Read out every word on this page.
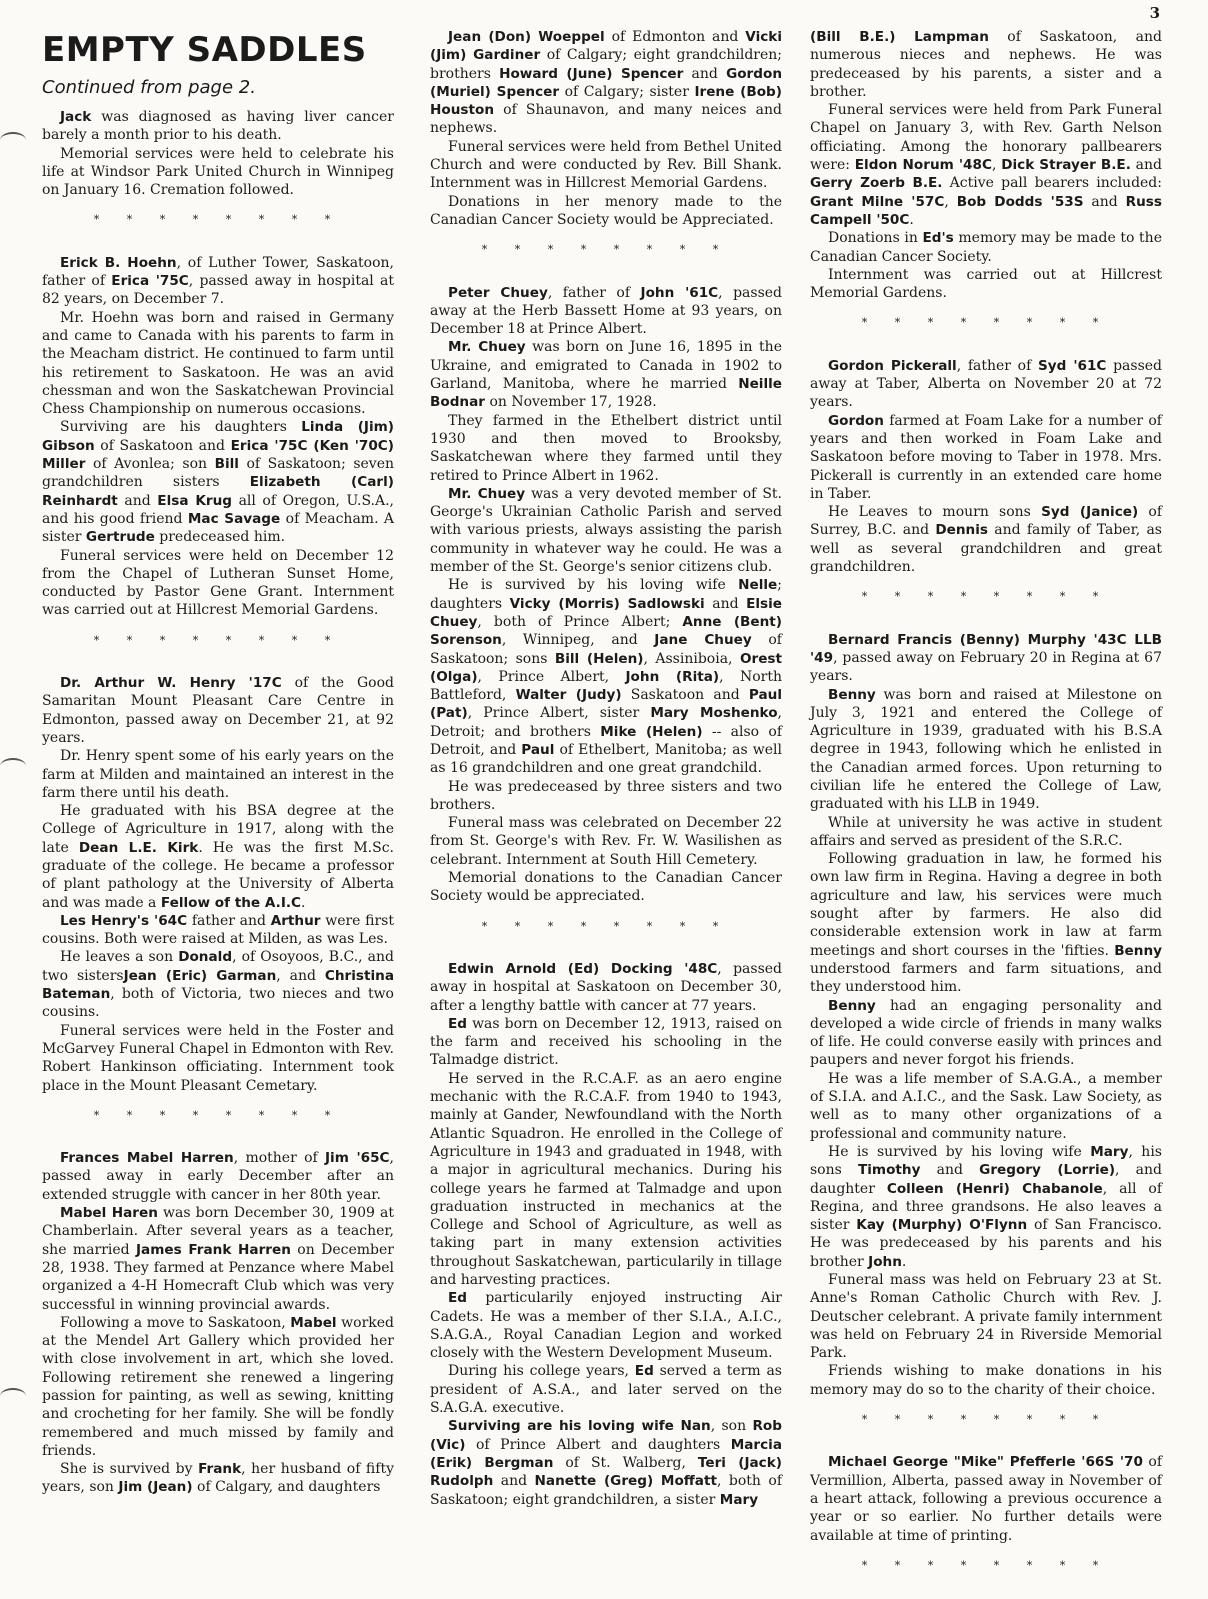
3
EMPTY SADDLES
Continued from page 2.

Jack was diagnosed as having liver cancer barely a month prior to his death.

Memorial services were held to celebrate his life at Windsor Park United Church in Winnipeg on January 16. Cremation followed.

* * * * * * * *

Erick B. Hoehn, of Luther Tower, Saskatoon, father of Erica '75C, passed away in hospital at 82 years, on December 7.

Mr. Hoehn was born and raised in Germany and came to Canada with his parents to farm in the Meacham district. He continued to farm until his retirement to Saskatoon. He was an avid chessman and won the Saskatchewan Provincial Chess Championship on numerous occasions.

Surviving are his daughters Linda (Jim) Gibson of Saskatoon and Erica '75C (Ken '70C) Miller of Avonlea; son Bill of Saskatoon; seven grandchildren sisters Elizabeth (Carl) Reinhardt and Elsa Krug all of Oregon, U.S.A., and his good friend Mac Savage of Meacham. A sister Gertrude predeceased him.

Funeral services were held on December 12 from the Chapel of Lutheran Sunset Home, conducted by Pastor Gene Grant. Internment was carried out at Hillcrest Memorial Gardens.

* * * * * * * *

Dr. Arthur W. Henry '17C of the Good Samaritan Mount Pleasant Care Centre in Edmonton, passed away on December 21, at 92 years.

Dr. Henry spent some of his early years on the farm at Milden and maintained an interest in the farm there until his death.

He graduated with his BSA degree at the College of Agriculture in 1917, along with the late Dean L.E. Kirk. He was the first M.Sc. graduate of the college. He became a professor of plant pathology at the University of Alberta and was made a Fellow of the A.I.C.

Les Henry's '64C father and Arthur were first cousins. Both were raised at Milden, as was Les.

He leaves a son Donald, of Osoyoos, B.C., and two sistersJean (Eric) Garman, and Christina Bateman, both of Victoria, two nieces and two cousins.

Funeral services were held in the Foster and McGarvey Funeral Chapel in Edmonton with Rev. Robert Hankinson officiating. Internment took place in the Mount Pleasant Cemetary.

* * * * * * * *

Frances Mabel Harren, mother of Jim '65C, passed away in early December after an extended struggle with cancer in her 80th year.

Mabel Haren was born December 30, 1909 at Chamberlain. After several years as a teacher, she married James Frank Harren on December 28, 1938. They farmed at Penzance where Mabel organized a 4-H Homecraft Club which was very successful in winning provincial awards.

Following a move to Saskatoon, Mabel worked at the Mendel Art Gallery which provided her with close involvement in art, which she loved. Following retirement she renewed a lingering passion for painting, as well as sewing, knitting and crocheting for her family. She will be fondly remembered and much missed by family and friends.

She is survived by Frank, her husband of fifty years, son Jim (Jean) of Calgary, and daughters

Jean (Don) Woeppel of Edmonton and Vicki (Jim) Gardiner of Calgary; eight grandchildren; brothers Howard (June) Spencer and Gordon (Muriel) Spencer of Calgary; sister Irene (Bob) Houston of Shaunavon, and many neices and nephews.

Funeral services were held from Bethel United Church and were conducted by Rev. Bill Shank. Internment was in Hillcrest Memorial Gardens.

Donations in her menory made to the Canadian Cancer Society would be Appreciated.

* * * * * * * *

Peter Chuey, father of John '61C, passed away at the Herb Bassett Home at 93 years, on December 18 at Prince Albert.

Mr. Chuey was born on June 16, 1895 in the Ukraine, and emigrated to Canada in 1902 to Garland, Manitoba, where he married Neille Bodnar on November 17, 1928.

They farmed in the Ethelbert district until 1930 and then moved to Brooksby, Saskatchewan where they farmed until they retired to Prince Albert in 1962.

Mr. Chuey was a very devoted member of St. George's Ukrainian Catholic Parish and served with various priests, always assisting the parish community in whatever way he could. He was a member of the St. George's senior citizens club.

He is survived by his loving wife Nelle; daughters Vicky (Morris) Sadlowski and Elsie Chuey, both of Prince Albert; Anne (Bent) Sorenson, Winnipeg, and Jane Chuey of Saskatoon; sons Bill (Helen), Assiniboia, Orest (Olga), Prince Albert, John (Rita), North Battleford, Walter (Judy) Saskatoon and Paul (Pat), Prince Albert, sister Mary Moshenko, Detroit; and brothers Mike (Helen) -- also of Detroit, and Paul of Ethelbert, Manitoba; as well as 16 grandchildren and one great grandchild.

He was predeceased by three sisters and two brothers.

Funeral mass was celebrated on December 22 from St. George's with Rev. Fr. W. Wasilishen as celebrant. Internment at South Hill Cemetery.

Memorial donations to the Canadian Cancer Society would be appreciated.

* * * * * * * *

Edwin Arnold (Ed) Docking '48C, passed away in hospital at Saskatoon on December 30, after a lengthy battle with cancer at 77 years.

Ed was born on December 12, 1913, raised on the farm and received his schooling in the Talmadge district.

He served in the R.C.A.F. as an aero engine mechanic with the R.C.A.F. from 1940 to 1943, mainly at Gander, Newfoundland with the North Atlantic Squadron. He enrolled in the College of Agriculture in 1943 and graduated in 1948, with a major in agricultural mechanics. During his college years he farmed at Talmadge and upon graduation instructed in mechanics at the College and School of Agriculture, as well as taking part in many extension activities throughout Saskatchewan, particularily in tillage and harvesting practices.

Ed particularily enjoyed instructing Air Cadets. He was a member of ther S.I.A., A.I.C., S.A.G.A., Royal Canadian Legion and worked closely with the Western Development Museum.

During his college years, Ed served a term as president of A.S.A., and later served on the S.A.G.A. executive.

Surviving are his loving wife Nan, son Rob (Vic) of Prince Albert and daughters Marcia (Erik) Bergman of St. Walberg, Teri (Jack) Rudolph and Nanette (Greg) Moffatt, both of Saskatoon; eight grandchildren, a sister Mary

(Bill B.E.) Lampman of Saskatoon, and numerous nieces and nephews. He was predeceased by his parents, a sister and a brother.

Funeral services were held from Park Funeral Chapel on January 3, with Rev. Garth Nelson officiating. Among the honorary pallbearers were: Eldon Norum '48C, Dick Strayer B.E. and Gerry Zoerb B.E. Active pall bearers included: Grant Milne '57C, Bob Dodds '53S and Russ Campell '50C.

Donations in Ed's memory may be made to the Canadian Cancer Society.

Internment was carried out at Hillcrest Memorial Gardens.

* * * * * * * *

Gordon Pickerall, father of Syd '61C passed away at Taber, Alberta on November 20 at 72 years.

Gordon farmed at Foam Lake for a number of years and then worked in Foam Lake and Saskatoon before moving to Taber in 1978. Mrs. Pickerall is currently in an extended care home in Taber.

He Leaves to mourn sons Syd (Janice) of Surrey, B.C. and Dennis and family of Taber, as well as several grandchildren and great grandchildren.

* * * * * * * *

Bernard Francis (Benny) Murphy '43C LLB '49, passed away on February 20 in Regina at 67 years.

Benny was born and raised at Milestone on July 3, 1921 and entered the College of Agriculture in 1939, graduated with his B.S.A degree in 1943, following which he enlisted in the Canadian armed forces. Upon returning to civilian life he entered the College of Law, graduated with his LLB in 1949.

While at university he was active in student affairs and served as president of the S.R.C.

Following graduation in law, he formed his own law firm in Regina. Having a degree in both agriculture and law, his services were much sought after by farmers. He also did considerable extension work in law at farm meetings and short courses in the 'fifties. Benny understood farmers and farm situations, and they understood him.

Benny had an engaging personality and developed a wide circle of friends in many walks of life. He could converse easily with princes and paupers and never forgot his friends.

He was a life member of S.A.G.A., a member of S.I.A. and A.I.C., and the Sask. Law Society, as well as to many other organizations of a professional and community nature.

He is survived by his loving wife Mary, his sons Timothy and Gregory (Lorrie), and daughter Colleen (Henri) Chabanole, all of Regina, and three grandsons. He also leaves a sister Kay (Murphy) O'Flynn of San Francisco. He was predeceased by his parents and his brother John.

Funeral mass was held on February 23 at St. Anne's Roman Catholic Church with Rev. J. Deutscher celebrant. A private family internment was held on February 24 in Riverside Memorial Park.

Friends wishing to make donations in his memory may do so to the charity of their choice.

* * * * * * * *

Michael George "Mike" Pfefferle '66S '70 of Vermillion, Alberta, passed away in November of a heart attack, following a previous occurence a year or so earlier. No further details were available at time of printing.

* * * * * * * *
